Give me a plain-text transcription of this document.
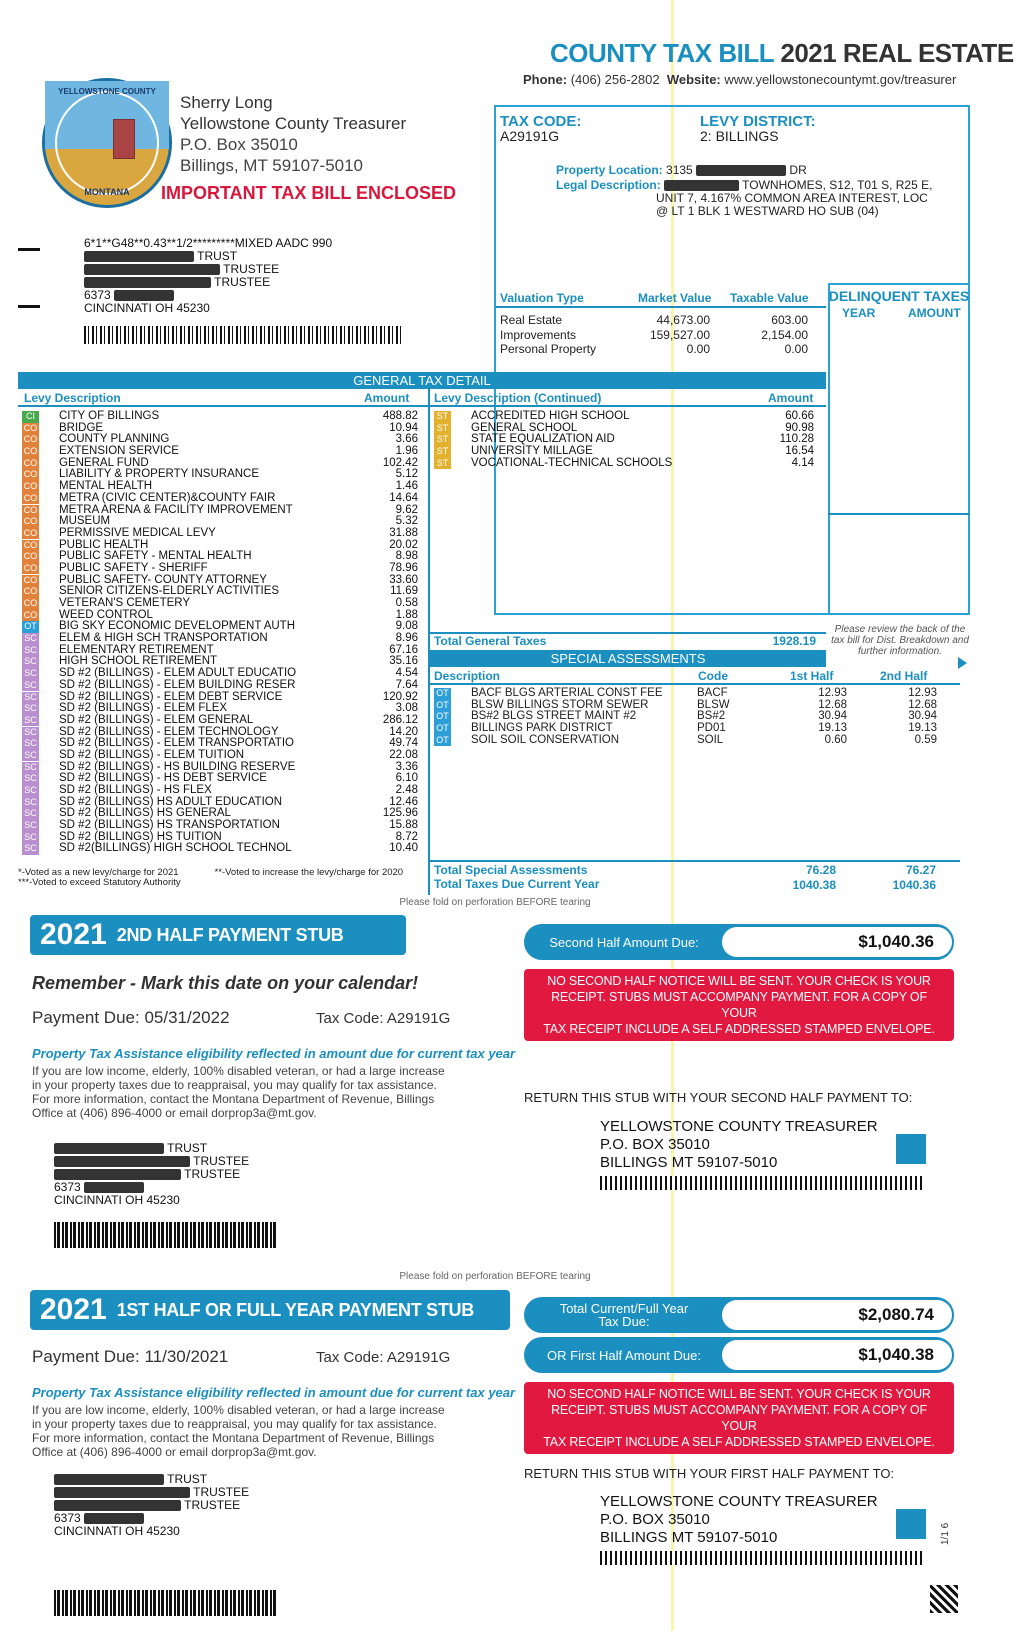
COUNTY TAX BILL 2021 REAL ESTATE
Phone: (406) 256-2802 Website: www.yellowstonecountymt.gov/treasurer
YELLOWSTONE COUNTY
MONTANA
Sherry Long
Yellowstone County Treasurer
P.O. Box 35010
Billings, MT 59107-5010
IMPORTANT TAX BILL ENCLOSED
6*1**G48**0.43**1/2*********MIXED AADC 990
TRUST
TRUSTEE
TRUSTEE
6373
CINCINNATI OH 45230
TAX CODE:
A29191G
LEVY DISTRICT:
2: BILLINGS
Property Location: 3135	DR
Legal Description:	TOWNHOMES, S12, T01 S, R25 E,
UNIT 7, 4.167% COMMON AREA INTEREST, LOC
@ LT 1 BLK 1 WESTWARD HO SUB (04)
Valuation Type	Market Value Taxable Value
Real Estate	44,673.00	603.00
Improvements	159,527.00	2,154.00
Personal Property	0.00	0.00
DELINQUENT TAXES
YEAR	AMOUNT
Please review the back of the tax bill for Dist. Breakdown and further information.
GENERAL TAX DETAIL
Levy Description	Amount Levy Description (Continued)	Amount
CI	CITY OF BILLINGS	488.82
CO BRIDGE	10.94
CO COUNTY PLANNING	3.66
CO EXTENSION SERVICE	1.96
CO GENERAL FUND	102.42
CO LIABILITY & PROPERTY INSURANCE	5.12
CO MENTAL HEALTH	1.46
CO METRA (CIVIC CENTER)&COUNTY FAIR	14.64
CO METRA ARENA & FACILITY IMPROVEMENT	9.62
CO MUSEUM	5.32
CO PERMISSIVE MEDICAL LEVY	31.88
CO PUBLIC HEALTH	20.02
CO PUBLIC SAFETY - MENTAL HEALTH	8.98
CO PUBLIC SAFETY - SHERIFF	78.96
CO PUBLIC SAFETY- COUNTY ATTORNEY	33.60
CO SENIOR CITIZENS-ELDERLY ACTIVITIES	11.69
CO VETERAN'S CEMETERY	0.58
CO WEED CONTROL	1.88
OT BIG SKY ECONOMIC DEVELOPMENT AUTH	9.08
SC ELEM & HIGH SCH TRANSPORTATION	8.96
SC ELEMENTARY RETIREMENT	67.16
SC HIGH SCHOOL RETIREMENT	35.16
SC SD #2 (BILLINGS) - ELEM ADULT EDUCATIO	4.54
SC SD #2 (BILLINGS) - ELEM BUILDING RESER	7.64
SC SD #2 (BILLINGS) - ELEM DEBT SERVICE	120.92
SC SD #2 (BILLINGS) - ELEM FLEX	3.08
SC SD #2 (BILLINGS) - ELEM GENERAL	286.12
SC SD #2 (BILLINGS) - ELEM TECHNOLOGY	14.20
SC SD #2 (BILLINGS) - ELEM TRANSPORTATIO	49.74
SC SD #2 (BILLINGS) - ELEM TUITION	22.08
SC SD #2 (BILLINGS) - HS BUILDING RESERVE	3.36
SC SD #2 (BILLINGS) - HS DEBT SERVICE	6.10
SC SD #2 (BILLINGS) - HS FLEX	2.48
SC SD #2 (BILLINGS) HS ADULT EDUCATION	12.46
SC SD #2 (BILLINGS) HS GENERAL	125.96
SC SD #2 (BILLINGS) HS TRANSPORTATION	15.88
SC SD #2 (BILLINGS) HS TUITION	8.72
SC SD #2(BILLINGS) HIGH SCHOOL TECHNOL	10.40
ST ACCREDITED HIGH SCHOOL	60.66
ST GENERAL SCHOOL	90.98
ST STATE EQUALIZATION AID	110.28
ST UNIVERSITY MILLAGE	16.54
ST VOCATIONAL-TECHNICAL SCHOOLS	4.14
Total General Taxes	1928.19
SPECIAL ASSESSMENTS
Description	Code	1st Half	2nd Half
OT BACF BLGS ARTERIAL CONST FEE	BACF	12.93	12.93
OT BLSW BILLINGS STORM SEWER	BLSW	12.68	12.68
OT BS#2 BLGS STREET MAINT #2	BS#2	30.94	30.94
OT BILLINGS PARK DISTRICT	PD01	19.13	19.13
OT SOIL SOIL CONSERVATION	SOIL	0.60	0.59
Total Special Assessments	76.28	76.27
Total Taxes Due Current Year	1040.38	1040.36
*-Voted as a new levy/charge for 2021	**-Voted to increase the levy/charge for 2020
***-Voted to exceed Statutory Authority
Please fold on perforation BEFORE tearing
2021 2ND HALF PAYMENT STUB	Second Half Amount Due:	$1,040.36
NO SECOND HALF NOTICE WILL BE SENT. YOUR CHECK IS YOUR
RECEIPT. STUBS MUST ACCOMPANY PAYMENT. FOR A COPY OF YOUR
TAX RECEIPT INCLUDE A SELF ADDRESSED STAMPED ENVELOPE.
Remember - Mark this date on your calendar!
Payment Due: 05/31/2022	Tax Code: A29191G
Property Tax Assistance eligibility reflected in amount due for current tax year
If you are low income, elderly, 100% disabled veteran, or had a large increase
in your property taxes due to reappraisal, you may qualify for tax assistance.
For more information, contact the Montana Department of Revenue, Billings
Office at (406) 896-4000 or email dorprop3a@mt.gov.
RETURN THIS STUB WITH YOUR SECOND HALF PAYMENT TO:
YELLOWSTONE COUNTY TREASURER
P.O. BOX 35010
BILLINGS MT 59107-5010
TRUST
TRUSTEE
TRUSTEE
6373
CINCINNATI OH 45230
Please fold on perforation BEFORE tearing
2021 1ST HALF OR FULL YEAR PAYMENT STUB	Total Current/Full Year
Tax Due:	$2,080.74
OR First Half Amount Due:	$1,040.38
NO SECOND HALF NOTICE WILL BE SENT. YOUR CHECK IS YOUR
RECEIPT. STUBS MUST ACCOMPANY PAYMENT. FOR A COPY OF YOUR
TAX RECEIPT INCLUDE A SELF ADDRESSED STAMPED ENVELOPE.
Payment Due: 11/30/2021	Tax Code: A29191G
Property Tax Assistance eligibility reflected in amount due for current tax year
If you are low income, elderly, 100% disabled veteran, or had a large increase
in your property taxes due to reappraisal, you may qualify for tax assistance.
For more information, contact the Montana Department of Revenue, Billings
Office at (406) 896-4000 or email dorprop3a@mt.gov.
RETURN THIS STUB WITH YOUR FIRST HALF PAYMENT TO:
YELLOWSTONE COUNTY TREASURER
P.O. BOX 35010
BILLINGS MT 59107-5010
TRUST
TRUSTEE
TRUSTEE
6373
CINCINNATI OH 45230	1/1 6
